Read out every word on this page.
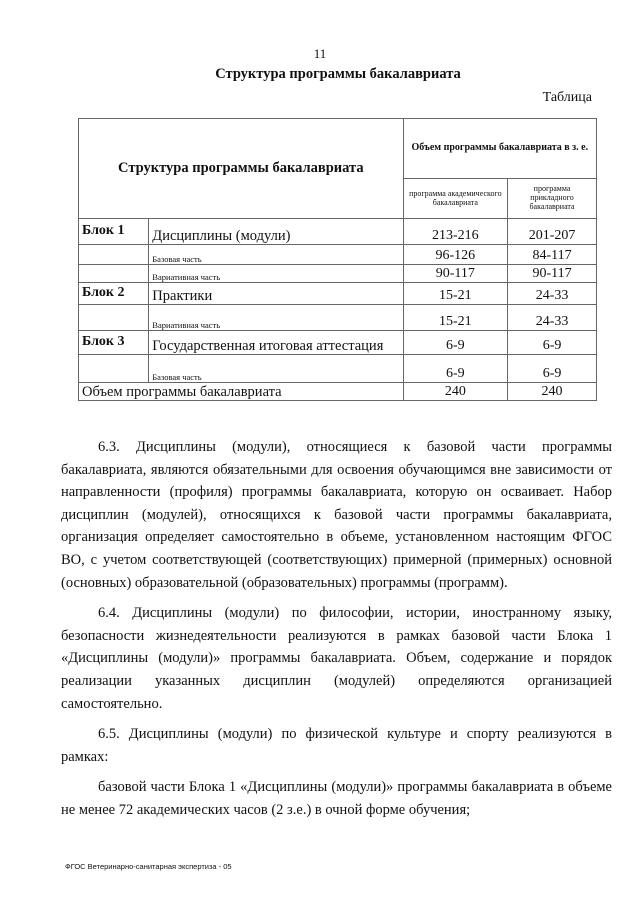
11
Структура программы бакалавриата
Таблица
Структура программы бакалавриата		Объем программы бакалавриата в з. е.	
		программа академического бакалавриата	программа прикладного бакалавриата
Блок 1	Дисциплины (модули)	213-216	201-207
	Базовая часть	96-126	84-117
	Вариативная часть	90-117	90-117
Блок 2	Практики	15-21	24-33
	Вариативная часть	15-21	24-33
Блок 3	Государственная итоговая аттестация	6-9	6-9
	Базовая часть	6-9	6-9
Объем программы бакалавриата		240	240

6.3. Дисциплины (модули), относящиеся к базовой части программы бакалавриата, являются обязательными для освоения обучающимся вне зависимости от направленности (профиля) программы бакалавриата, которую он осваивает. Набор дисциплин (модулей), относящихся к базовой части программы бакалавриата, организация определяет самостоятельно в объеме, установленном настоящим ФГОС ВО, с учетом соответствующей (соответствующих) примерной (примерных) основной (основных) образовательной (образовательных) программы (программ).

6.4. Дисциплины (модули) по философии, истории, иностранному языку, безопасности жизнедеятельности реализуются в рамках базовой части Блока 1 «Дисциплины (модули)» программы бакалавриата. Объем, содержание и порядок реализации указанных дисциплин (модулей) определяются организацией самостоятельно.

6.5. Дисциплины (модули) по физической культуре и спорту реализуются в рамках:

базовой части Блока 1 «Дисциплины (модули)» программы бакалавриата в объеме не менее 72 академических часов (2 з.е.) в очной форме обучения;

ФГОС Ветеринарно-санитарная экспертиза - 05
